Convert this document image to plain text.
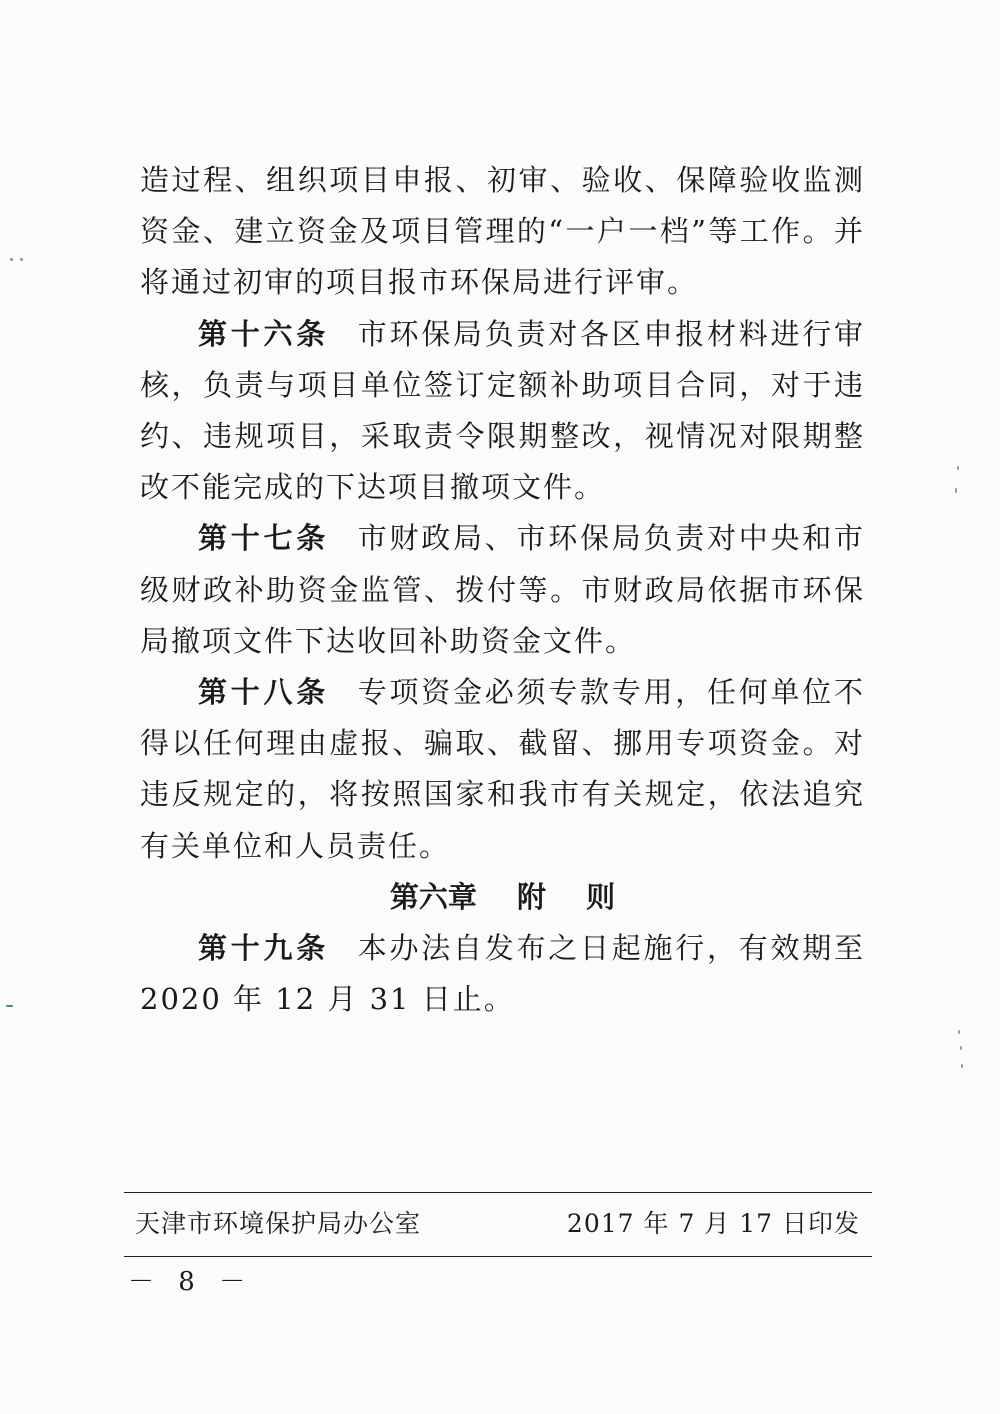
造过程、组织项目申报、初审、验收、保障验收监测资金、建立资金及项目管理的“一户一档”等工作。并将通过初审的项目报市环保局进行评审。

第十六条 市环保局负责对各区申报材料进行审核，负责与项目单位签订定额补助项目合同，对于违约、违规项目，采取责令限期整改，视情况对限期整改不能完成的下达项目撤项文件。

第十七条 市财政局、市环保局负责对中央和市级财政补助资金监管、拨付等。市财政局依据市环保局撤项文件下达收回补助资金文件。

第十八条 专项资金必须专款专用，任何单位不得以任何理由虚报、骗取、截留、挪用专项资金。对违反规定的，将按照国家和我市有关规定，依法追究有关单位和人员责任。

第六章 附 则

第十九条 本办法自发布之日起施行，有效期至 2020 年 12 月 31 日止。

天津市环境保护局办公室	2017 年 7 月 17 日印发
－ 8 －
